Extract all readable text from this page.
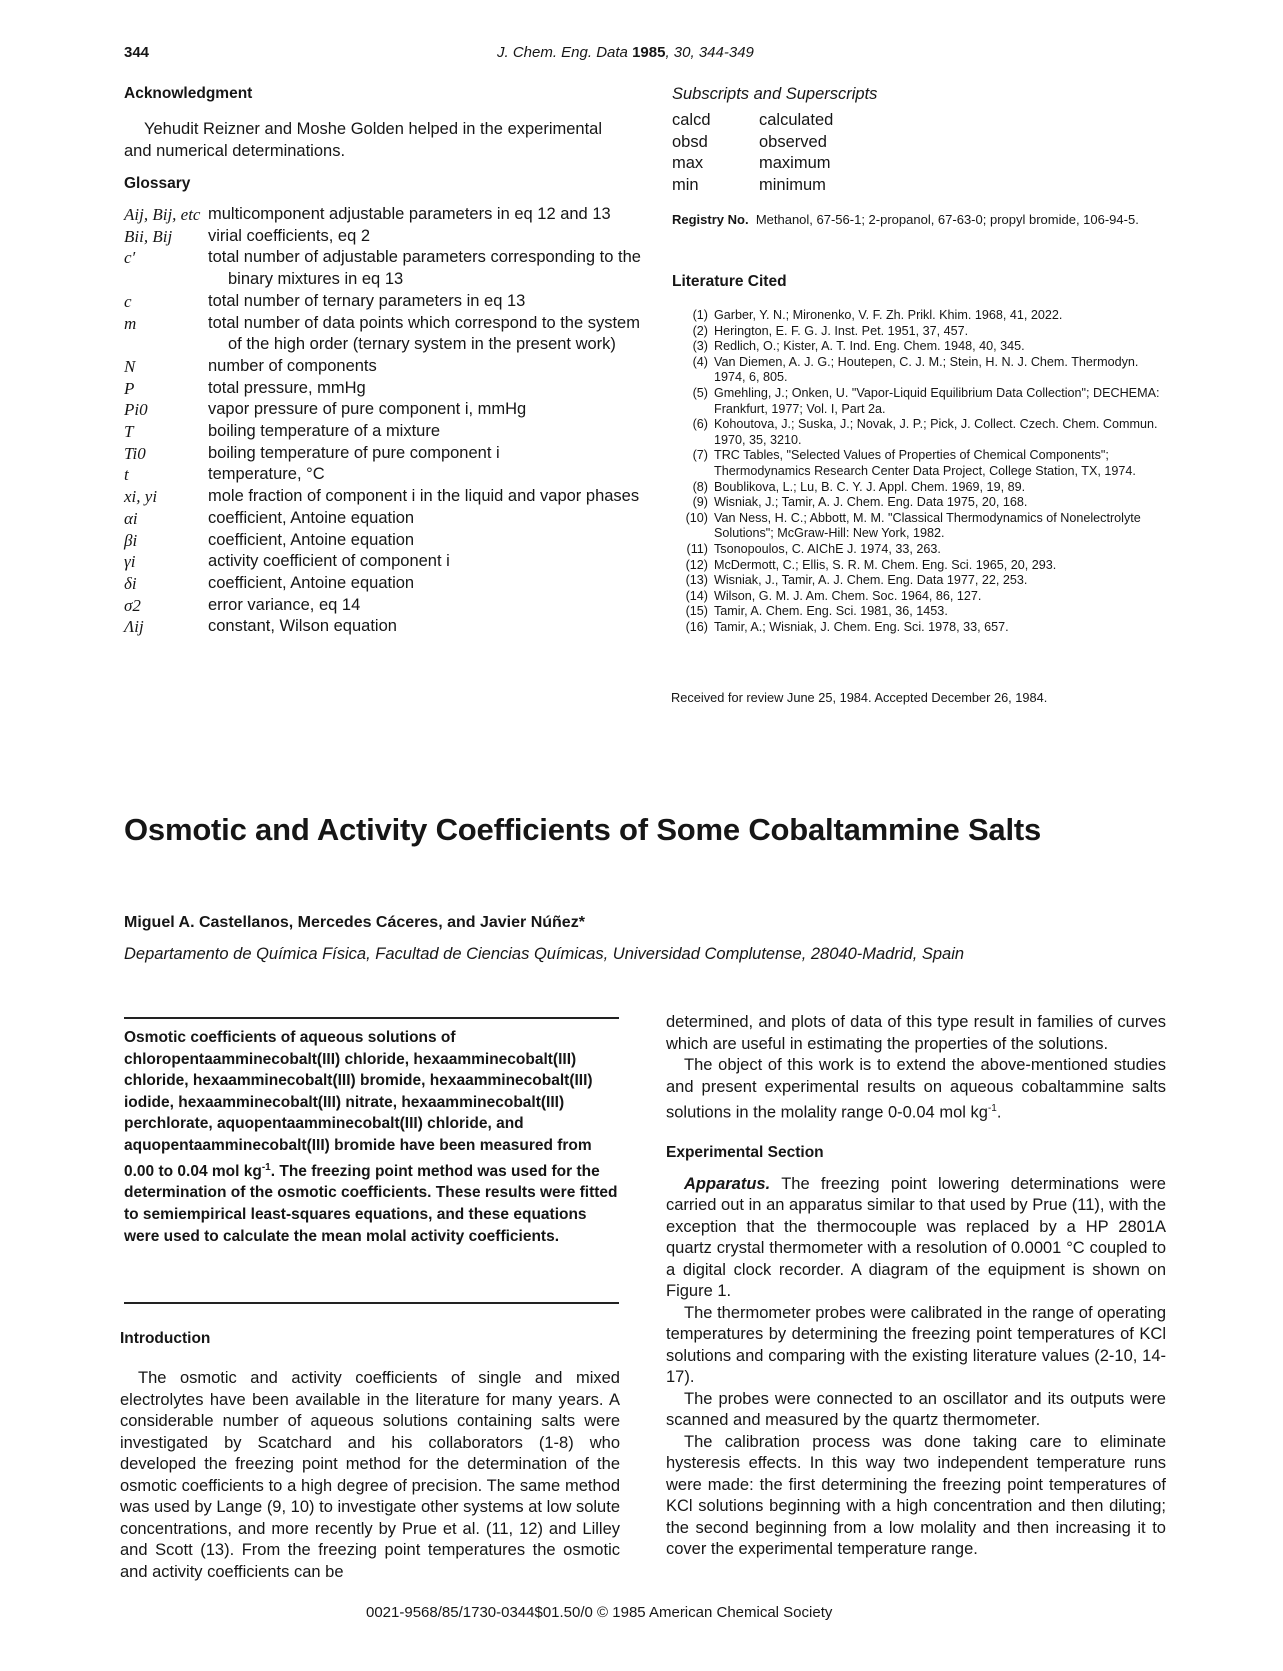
344	J. Chem. Eng. Data 1985, 30, 344-349
Acknowledgment
Yehudit Reizner and Moshe Golden helped in the experimental and numerical determinations.
Glossary
Aij, Bij, etc multicomponent adjustable parameters in eq 12 and 13
Bii, Bij	virial coefficients, eq 2
c′	total number of adjustable parameters corresponding to the binary mixtures in eq 13
c	total number of ternary parameters in eq 13
m	total number of data points which correspond to the system of the high order (ternary system in the present work)
N	number of components
P	total pressure, mmHg
Pi0	vapor pressure of pure component i, mmHg
T	boiling temperature of a mixture
Ti0	boiling temperature of pure component i
t	temperature, °C
xi, yi	mole fraction of component i in the liquid and vapor phases
αi	coefficient, Antoine equation
βi	coefficient, Antoine equation
γi	activity coefficient of component i
δi	coefficient, Antoine equation
σ2	error variance, eq 14
Λij	constant, Wilson equation
Subscripts and Superscripts
calcd	calculated
obsd	observed
max	maximum
min	minimum
Registry No. Methanol, 67-56-1; 2-propanol, 67-63-0; propyl bromide, 106-94-5.
Literature Cited
(1) Garber, Y. N.; Mironenko, V. F. Zh. Prikl. Khim. 1968, 41, 2022.
(2) Herington, E. F. G. J. Inst. Pet. 1951, 37, 457.
(3) Redlich, O.; Kister, A. T. Ind. Eng. Chem. 1948, 40, 345.
(4) Van Diemen, A. J. G.; Houtepen, C. J. M.; Stein, H. N. J. Chem. Thermodyn. 1974, 6, 805.
(5) Gmehling, J.; Onken, U. "Vapor-Liquid Equilibrium Data Collection"; DECHEMA: Frankfurt, 1977; Vol. I, Part 2a.
(6) Kohoutova, J.; Suska, J.; Novak, J. P.; Pick, J. Collect. Czech. Chem. Commun. 1970, 35, 3210.
(7) TRC Tables, "Selected Values of Properties of Chemical Components"; Thermodynamics Research Center Data Project, College Station, TX, 1974.
(8) Boublikova, L.; Lu, B. C. Y. J. Appl. Chem. 1969, 19, 89.
(9) Wisniak, J.; Tamir, A. J. Chem. Eng. Data 1975, 20, 168.
(10) Van Ness, H. C.; Abbott, M. M. "Classical Thermodynamics of Nonelectrolyte Solutions"; McGraw-Hill: New York, 1982.
(11) Tsonopoulos, C. AIChE J. 1974, 33, 263.
(12) McDermott, C.; Ellis, S. R. M. Chem. Eng. Sci. 1965, 20, 293.
(13) Wisniak, J., Tamir, A. J. Chem. Eng. Data 1977, 22, 253.
(14) Wilson, G. M. J. Am. Chem. Soc. 1964, 86, 127.
(15) Tamir, A. Chem. Eng. Sci. 1981, 36, 1453.
(16) Tamir, A.; Wisniak, J. Chem. Eng. Sci. 1978, 33, 657.
Received for review June 25, 1984. Accepted December 26, 1984.
Osmotic and Activity Coefficients of Some Cobaltammine Salts
Miguel A. Castellanos, Mercedes Cáceres, and Javier Núñez*
Departamento de Química Física, Facultad de Ciencias Químicas, Universidad Complutense, 28040-Madrid, Spain
Osmotic coefficients of aqueous solutions of chloropentaamminecobalt(III) chloride, hexaamminecobalt(III) chloride, hexaamminecobalt(III) bromide, hexaamminecobalt(III) iodide, hexaamminecobalt(III) nitrate, hexaamminecobalt(III) perchlorate, aquopentaamminecobalt(III) chloride, and aquopentaamminecobalt(III) bromide have been measured from 0.00 to 0.04 mol $kg^{-1}$. The freezing point method was used for the determination of the osmotic coefficients. These results were fitted to semiempirical least-squares equations, and these equations were used to calculate the mean molal activity coefficients.
Introduction
The osmotic and activity coefficients of single and mixed electrolytes have been available in the literature for many years. A considerable number of aqueous solutions containing salts were investigated by Scatchard and his collaborators (1-8) who developed the freezing point method for the determination of the osmotic coefficients to a high degree of precision. The same method was used by Lange (9, 10) to investigate other systems at low solute concentrations, and more recently by Prue et al. (11, 12) and Lilley and Scott (13). From the freezing point temperatures the osmotic and activity coefficients can be

determined, and plots of data of this type result in families of curves which are useful in estimating the properties of the solutions.

The object of this work is to extend the above-mentioned studies and present experimental results on aqueous cobaltammine salts solutions in the molality range 0-0.04 mol $kg^{-1}$.

Experimental Section

Apparatus. The freezing point lowering determinations were carried out in an apparatus similar to that used by Prue (11), with the exception that the thermocouple was replaced by a HP 2801A quartz crystal thermometer with a resolution of 0.0001 °C coupled to a digital clock recorder. A diagram of the equipment is shown on Figure 1.

The thermometer probes were calibrated in the range of operating temperatures by determining the freezing point temperatures of KCl solutions and comparing with the existing literature values (2-10, 14-17).

The probes were connected to an oscillator and its outputs were scanned and measured by the quartz thermometer.

The calibration process was done taking care to eliminate hysteresis effects. In this way two independent temperature runs were made: the first determining the freezing point temperatures of KCl solutions beginning with a high concentration and then diluting; the second beginning from a low molality and then increasing it to cover the experimental temperature range.

0021-9568/85/1730-0344$01.50/0 © 1985 American Chemical Society
